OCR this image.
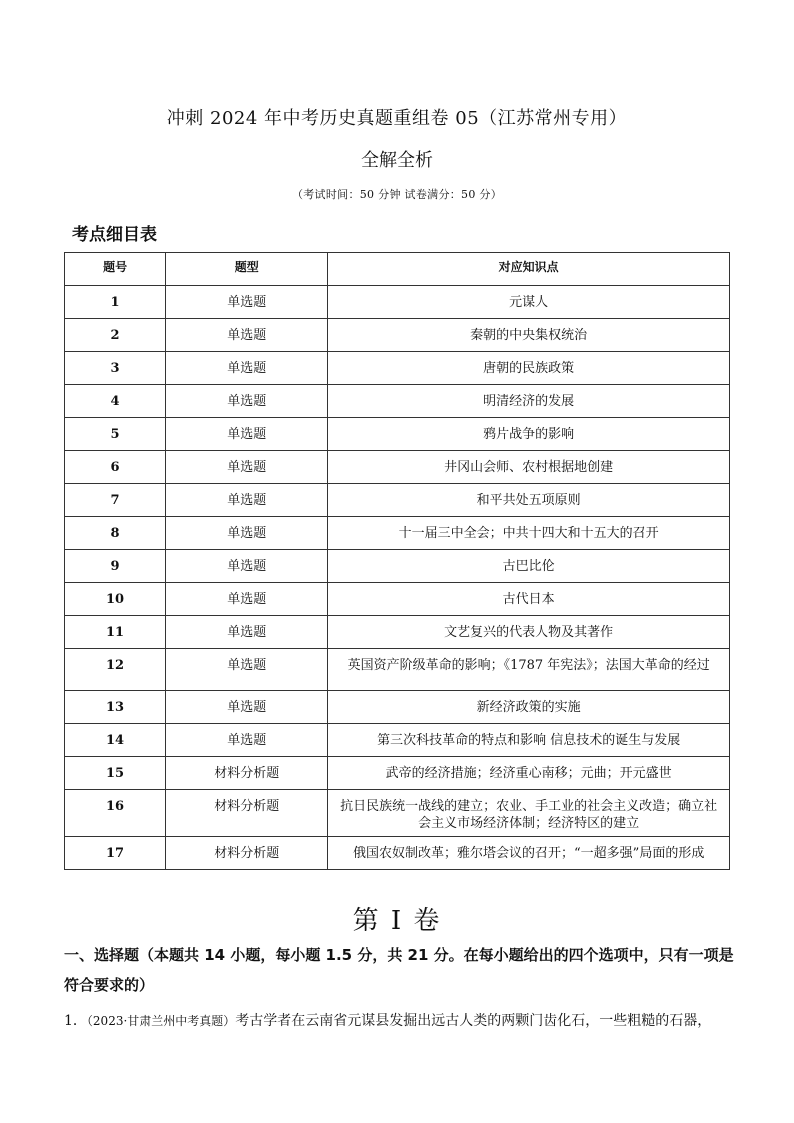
冲刺 2024 年中考历史真题重组卷 05（江苏常州专用）
全解全析
（考试时间：50 分钟 试卷满分：50 分）
考点细目表
题号	题型	对应知识点
1	单选题	元谋人
2	单选题	秦朝的中央集权统治
3	单选题	唐朝的民族政策
4	单选题	明清经济的发展
5	单选题	鸦片战争的影响
6	单选题	井冈山会师、农村根据地创建
7	单选题	和平共处五项原则
8	单选题	十一届三中全会；中共十四大和十五大的召开
9	单选题	古巴比伦
10	单选题	古代日本
11	单选题	文艺复兴的代表人物及其著作
12	单选题	英国资产阶级革命的影响；《1787 年宪法》；法国大革命的经过
13	单选题	新经济政策的实施
14	单选题	第三次科技革命的特点和影响 信息技术的诞生与发展
15	材料分析题	武帝的经济措施；经济重心南移；元曲；开元盛世
16	材料分析题	抗日民族统一战线的建立；农业、手工业的社会主义改造；确立社会主义市场经济体制；经济特区的建立
17	材料分析题	俄国农奴制改革；雅尔塔会议的召开；“一超多强”局面的形成
第 I 卷
一、选择题（本题共 14 小题，每小题 1.5 分，共 21 分。在每小题给出的四个选项中，只有一项是符合要求的）
1．（2023·甘肃兰州中考真题）考古学者在云南省元谋县发掘出远古人类的两颗门齿化石，一些粗糙的石器，
